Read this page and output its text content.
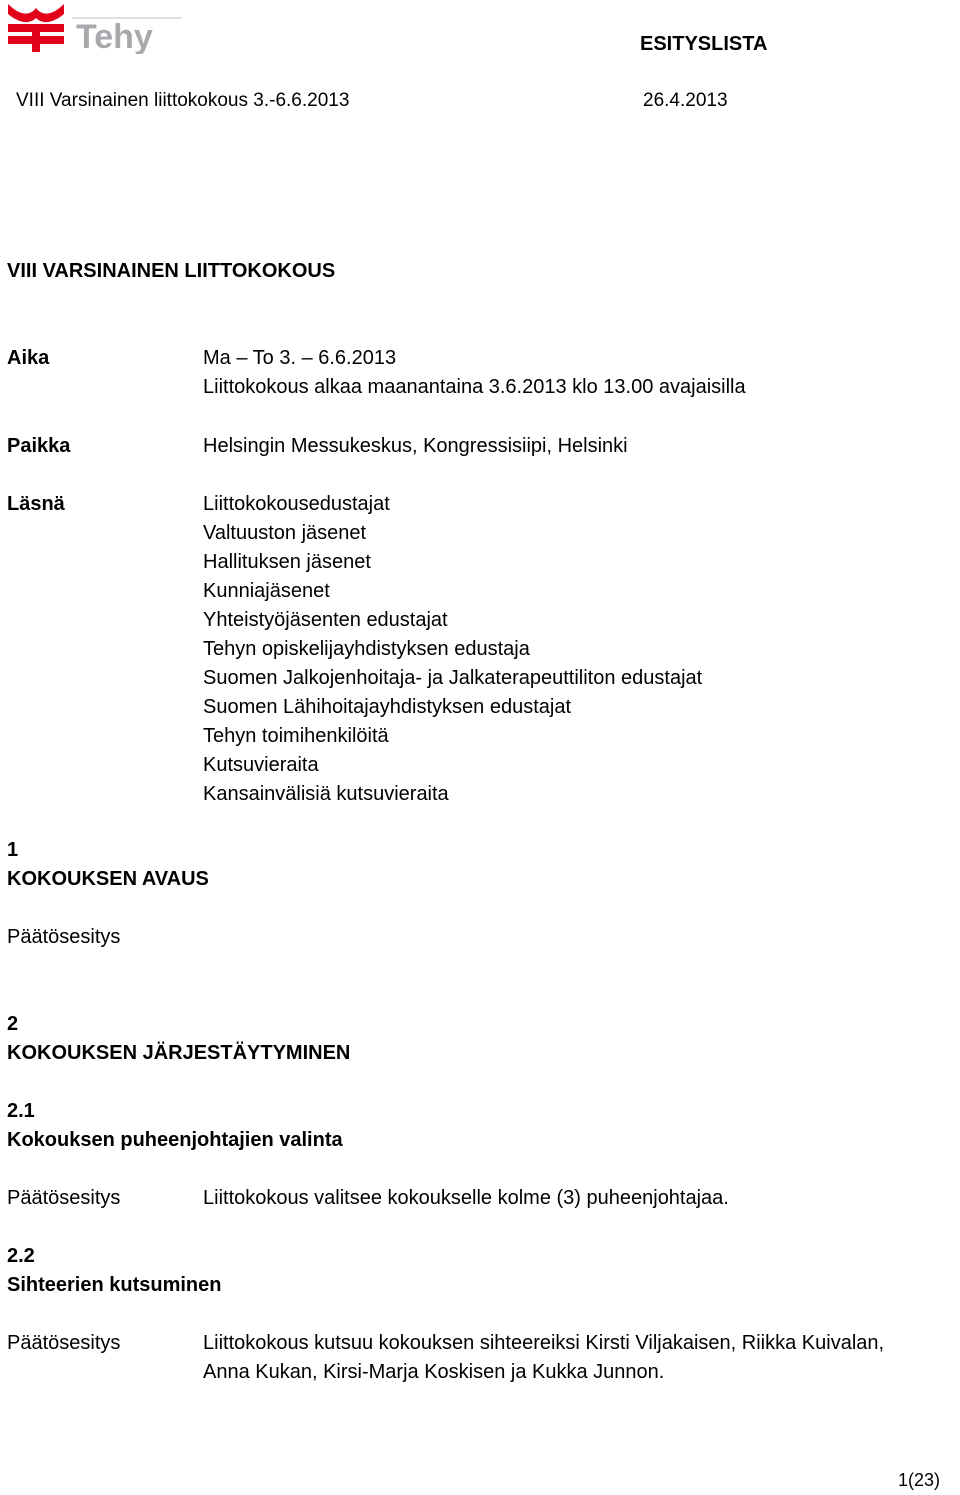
Tehy	ESITYSLISTA
VIII Varsinainen liittokokous 3.-6.6.2013	26.4.2013
VIII VARSINAINEN LIITTOKOKOUS
Aika	Ma – To 3. – 6.6.2013
Liittokokous alkaa maanantaina 3.6.2013 klo 13.00 avajaisilla
Paikka	Helsingin Messukeskus, Kongressisiipi, Helsinki
Läsnä	Liittokokousedustajat
Valtuuston jäsenet
Hallituksen jäsenet
Kunniajäsenet
Yhteistyöjäsenten edustajat
Tehyn opiskelijayhdistyksen edustaja
Suomen Jalkojenhoitaja- ja Jalkaterapeuttiliton edustajat
Suomen Lähihoitajayhdistyksen edustajat
Tehyn toimihenkilöitä
Kutsuvieraita
Kansainvälisiä kutsuvieraita
1
KOKOUKSEN AVAUS
Päätösesitys
2
KOKOUKSEN JÄRJESTÄYTYMINEN
2.1
Kokouksen puheenjohtajien valinta
Päätösesitys	Liittokokous valitsee kokoukselle kolme (3) puheenjohtajaa.
2.2
Sihteerien kutsuminen
Päätösesitys	Liittokokous kutsuu kokouksen sihteereiksi Kirsti Viljakaisen, Riikka Kuivalan,
Anna Kukan, Kirsi-Marja Koskisen ja Kukka Junnon.
1(23)
